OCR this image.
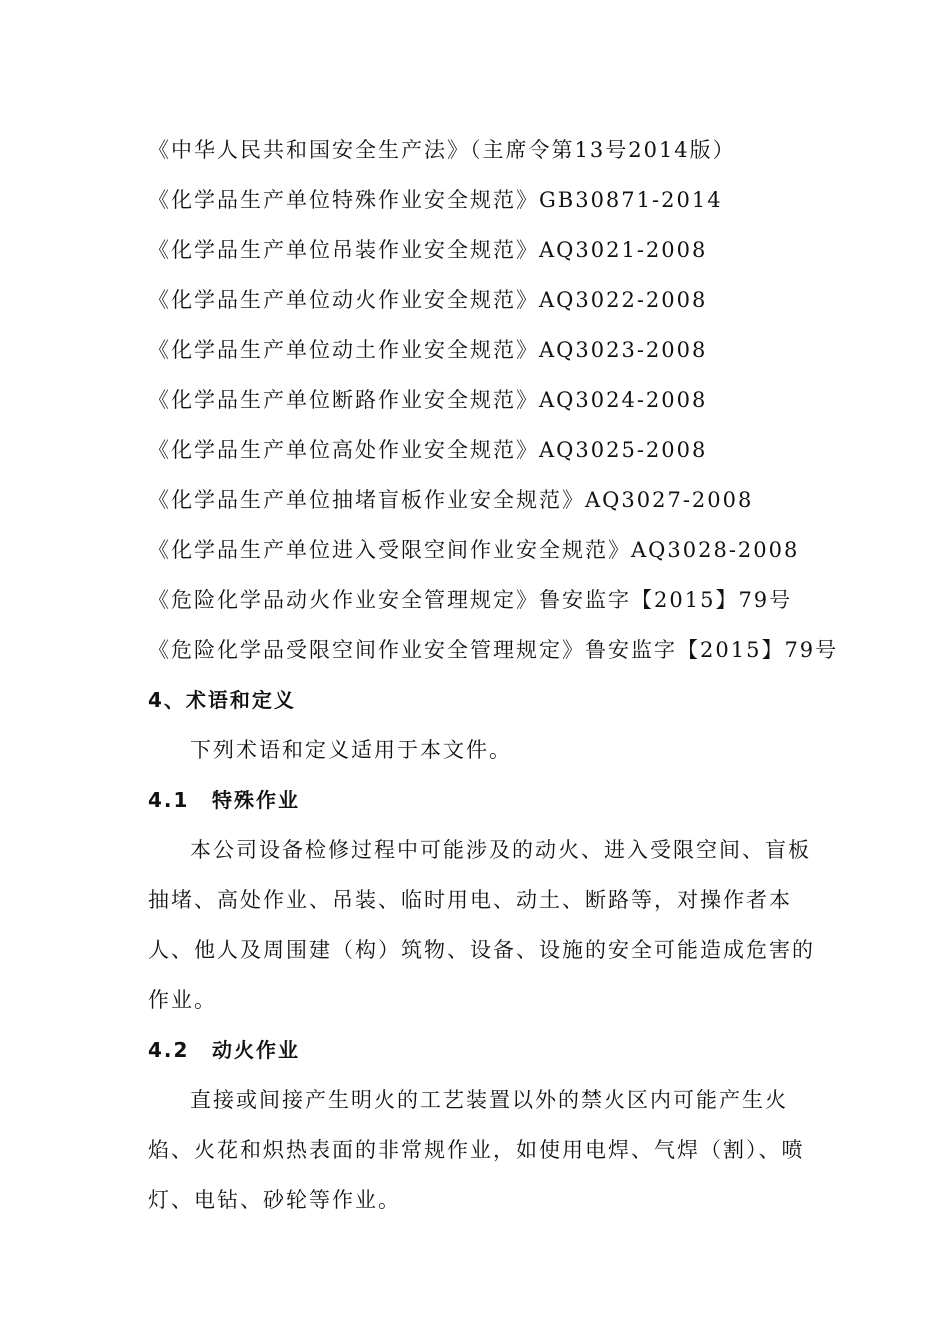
《中华人民共和国安全生产法》（主席令第13号2014版）
《化学品生产单位特殊作业安全规范》GB30871-2014
《化学品生产单位吊装作业安全规范》AQ3021-2008
《化学品生产单位动火作业安全规范》AQ3022-2008
《化学品生产单位动土作业安全规范》AQ3023-2008
《化学品生产单位断路作业安全规范》AQ3024-2008
《化学品生产单位高处作业安全规范》AQ3025-2008
《化学品生产单位抽堵盲板作业安全规范》AQ3027-2008
《化学品生产单位进入受限空间作业安全规范》AQ3028-2008
《危险化学品动火作业安全管理规定》鲁安监字【2015】79号
《危险化学品受限空间作业安全管理规定》鲁安监字【2015】79号
4、术语和定义
下列术语和定义适用于本文件。
4.1 特殊作业
本公司设备检修过程中可能涉及的动火、进入受限空间、盲板
抽堵、高处作业、吊装、临时用电、动土、断路等，对操作者本
人、他人及周围建（构）筑物、设备、设施的安全可能造成危害的
作业。
4.2 动火作业
直接或间接产生明火的工艺装置以外的禁火区内可能产生火
焰、火花和炽热表面的非常规作业，如使用电焊、气焊（割）、喷
灯、电钻、砂轮等作业。
